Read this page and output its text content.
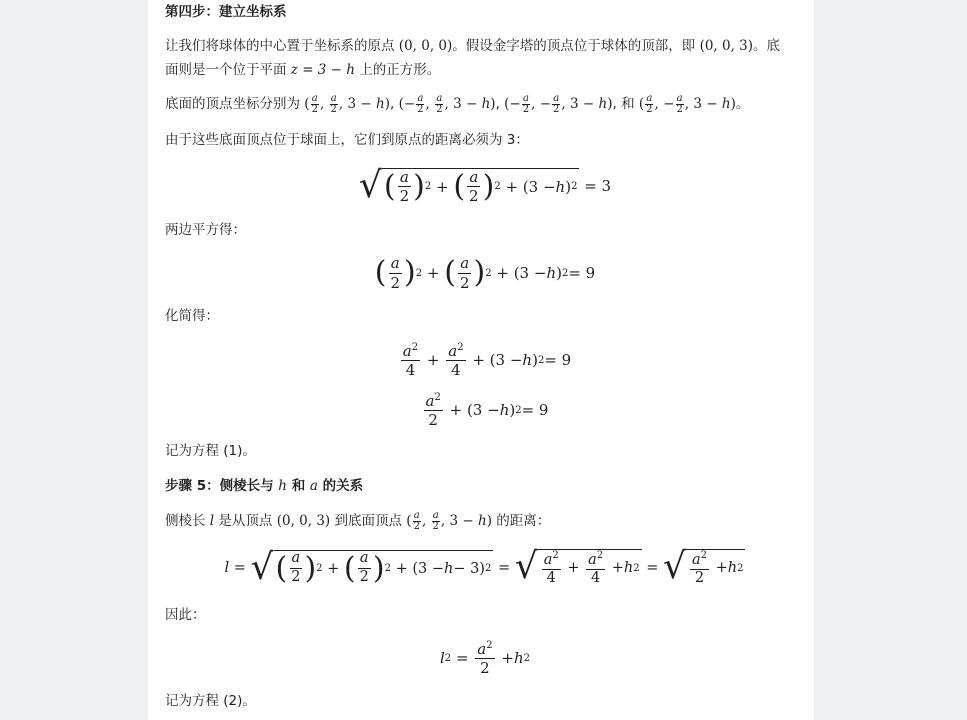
第四步：建立坐标系

让我们将球体的中心置于坐标系的原点 (0, 0, 0)。假设金字塔的顶点位于球体的顶部，即 (0, 0, 3)。底

面则是一个位于平面 z = 3 − h 上的正方形。

底面的顶点坐标分别为 ( $\frac{a}{2}$ , $\frac{a}{2}$ , 3 − h), (− $\frac{a}{2}$ , $\frac{a}{2}$ , 3 − h), (− $\frac{a}{2}$ , − $\frac{a}{2}$ , 3 − h), 和 ( $\frac{a}{2}$ , − $\frac{a}{2}$ , 3 − h)。

由于这些底面顶点位于球面上，它们到原点的距离必须为 3：

√ ( $\frac{a}{2}$ ) 2 + ( $\frac{a}{2}$ ) 2 + (3 − h ) 2 = 3

两边平方得：

( $\frac{a}{2}$ ) 2 + ( $\frac{a}{2}$ ) 2 + (3 − h ) 2 = 9

化简得：

$\frac{a^2}{4} + \frac{a^2}{4} + (3 - h$ ) 2 = 9
$\frac{a^2}{2} + (3 - h$ ) 2 = 9

记为方程 (1)。

步骤 5：侧棱长与 h 和 a 的关系

侧棱长 l 是从顶点 (0, 0, 3) 到底面顶点 ( $\frac{a}{2}$ , $\frac{a}{2}$ , 3 − h) 的距离：

l = √ ( $\frac{a}{2}$ ) 2 + ( $\frac{a}{2}$ ) 2 + (3 − h − 3) 2 = √ $\frac{a^2}{4} + \frac{a^2}{4} + h$ 2 = √ $\frac{a^2}{2} + h$ 2

因此：

l $2 = \frac{a^2}{2} + h$ 2

记为方程 (2)。
